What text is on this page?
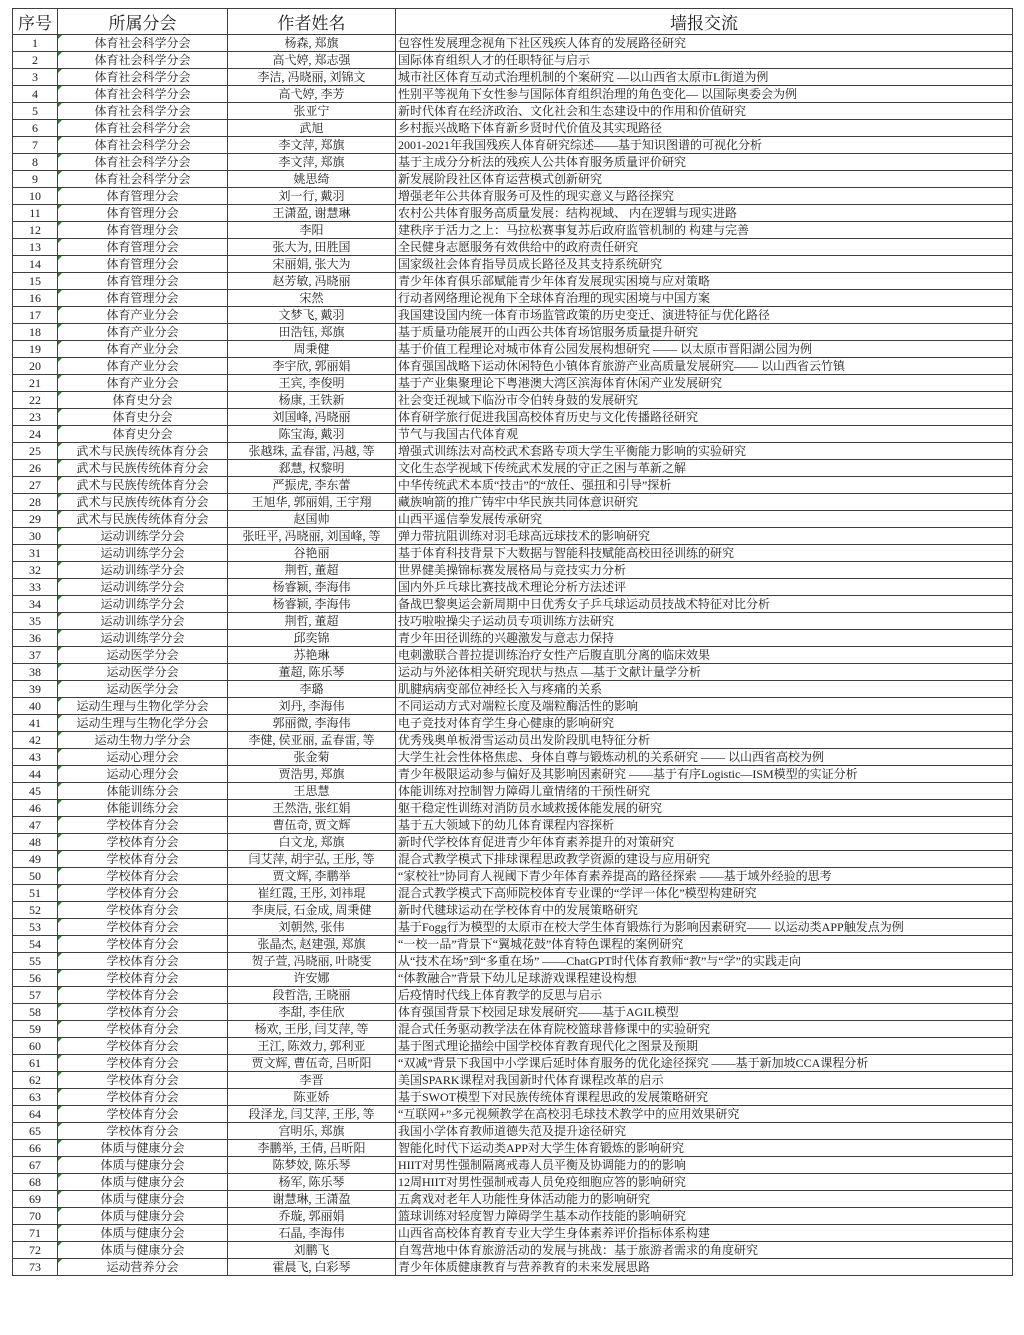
序号	所属分会	作者姓名	墙报交流
1	体育社会科学分会	杨森, 郑旗	包容性发展理念视角下社区残疾人体育的发展路径研究
2	体育社会科学分会	高弋婷, 郑志强	国际体育组织人才的任职特征与启示
3	体育社会科学分会	李洁, 冯晓丽, 刘锦文	城市社区体育互动式治理机制的个案研究 —以山西省太原市L街道为例
4	体育社会科学分会	高弋婷, 李芳	性别平等视角下女性参与国际体育组织治理的角色变化— 以国际奥委会为例
5	体育社会科学分会	张亚宁	新时代体育在经济政治、文化社会和生态建设中的作用和价值研究
6	体育社会科学分会	武旭	乡村振兴战略下体育新乡贤时代价值及其实现路径
7	体育社会科学分会	李文萍, 郑旗	2001-2021年我国残疾人体育研究综述——基于知识图谱的可视化分析
8	体育社会科学分会	李文萍, 郑旗	基于主成分分析法的残疾人公共体育服务质量评价研究
9	体育社会科学分会	姚思绮	新发展阶段社区体育运营模式创新研究
10	体育管理分会	刘一行, 戴羽	增强老年公共体育服务可及性的现实意义与路径探究
11	体育管理分会	王潇盈, 谢慧琳	农村公共体育服务高质量发展：结构视域、 内在逻辑与现实进路
12	体育管理分会	李阳	建秩序于活力之上：马拉松赛事复苏后政府监管机制的 构建与完善
13	体育管理分会	张大为, 田胜国	全民健身志愿服务有效供给中的政府责任研究
14	体育管理分会	宋丽娟, 张大为	国家级社会体育指导员成长路径及其支持系统研究
15	体育管理分会	赵芳敏, 冯晓丽	青少年体育俱乐部赋能青少年体育发展现实困境与应对策略
16	体育管理分会	宋然	行动者网络理论视角下全球体育治理的现实困境与中国方案
17	体育产业分会	文梦飞, 戴羽	我国建设国内统一体育市场监管政策的历史变迁、演进特征与优化路径
18	体育产业分会	田浩钰, 郑旗	基于质量功能展开的山西公共体育场馆服务质量提升研究
19	体育产业分会	周秉健	基于价值工程理论对城市体育公园发展构想研究 —— 以太原市晋阳湖公园为例
20	体育产业分会	李宇欣, 郭丽娟	体育强国战略下运动休闲特色小镇体育旅游产业高质量发展研究—— 以山西省云竹镇
21	体育产业分会	王宾, 李俊明	基于产业集聚理论下粤港澳大湾区滨海体育休闲产业发展研究
22	体育史分会	杨康, 王铁新	社会变迁视域下临汾市令伯转身鼓的发展研究
23	体育史分会	刘国峰, 冯晓丽	体育研学旅行促进我国高校体育历史与文化传播路径研究
24	体育史分会	陈宝海, 戴羽	节气与我国古代体育观
25	武术与民族传统体育分会	张越珠, 孟春雷, 冯越, 等	增强式训练法对高校武术套路专项大学生平衡能力影响的实验研究
26	武术与民族传统体育分会	郄慧, 权黎明	文化生态学视域下传统武术发展的守正之困与革新之解
27	武术与民族传统体育分会	严振虎, 李东蕾	中华传统武术本质“技击”的“放任、强扭和引导”探析
28	武术与民族传统体育分会	王旭华, 郭丽娟, 王宇翔	藏族响箭的推广铸牢中华民族共同体意识研究
29	武术与民族传统体育分会	赵国帅	山西平遥信拳发展传承研究
30	运动训练学分会	张旺平, 冯晓丽, 刘国峰, 等	弹力带抗阻训练对羽毛球高远球技术的影响研究
31	运动训练学分会	谷艳丽	基于体育科技背景下大数据与智能科技赋能高校田径训练的研究
32	运动训练学分会	荆哲, 董超	世界健美操锦标赛发展格局与竞技实力分析
33	运动训练学分会	杨睿颖, 李海伟	国内外乒乓球比赛技战术理论分析方法述评
34	运动训练学分会	杨睿颖, 李海伟	备战巴黎奥运会新周期中日优秀女子乒乓球运动员技战术特征对比分析
35	运动训练学分会	荆哲, 董超	技巧啦啦操尖子运动员专项训练方法研究
36	运动训练学分会	邱奕锦	青少年田径训练的兴趣激发与意志力保持
37	运动医学分会	苏艳琳	电刺激联合普拉提训练治疗女性产后腹直肌分离的临床效果
38	运动医学分会	董超, 陈乐琴	运动与外泌体相关研究现状与热点 —基于文献计量学分析
39	运动医学分会	李璐	肌腱病病变部位神经长入与疼痛的关系
40	运动生理与生物化学分会	刘丹, 李海伟	不同运动方式对端粒长度及端粒酶活性的影响
41	运动生理与生物化学分会	郭丽微, 李海伟	电子竞技对体育学生身心健康的影响研究
42	运动生物力学分会	李健, 侯亚丽, 孟春雷, 等	优秀残奥单板滑雪运动员出发阶段肌电特征分析
43	运动心理分会	张金菊	大学生社会性体格焦虑、身体自尊与锻炼动机的关系研究 —— 以山西省高校为例
44	运动心理分会	贾浩男, 郑旗	青少年极限运动参与偏好及其影响因素研究 ——基于有序Logistic—ISM模型的实证分析
45	体能训练分会	王思慧	体能训练对控制智力障碍儿童情绪的干预性研究
46	体能训练分会	王然浩, 张红娟	躯干稳定性训练对消防员水域救援体能发展的研究
47	学校体育分会	曹伍奇, 贾文辉	基于五大领域下的幼儿体育课程内容探析
48	学校体育分会	白文龙, 郑旗	新时代学校体育促进青少年体育素养提升的对策研究
49	学校体育分会	闫艾萍, 胡宇弘, 王彤, 等	混合式教学模式下排球课程思政教学资源的建设与应用研究
50	学校体育分会	贾文辉, 李鹏举	“家校社”协同育人视阈下青少年体育素养提高的路径探索 ——基于域外经验的思考
51	学校体育分会	崔红霞, 王彤, 刘祎琨	混合式教学模式下高师院校体育专业课的“学评一体化”模型构建研究
52	学校体育分会	李庚辰, 石金成, 周秉健	新时代毽球运动在学校体育中的发展策略研究
53	学校体育分会	刘朝然, 张伟	基于Fogg行为模型的太原市在校大学生体育锻炼行为影响因素研究—— 以运动类APP触发点为例
54	学校体育分会	张晶杰, 赵建强, 郑旗	“一校一品”背景下“翼城花鼓”体育特色课程的案例研究
55	学校体育分会	贺子萱, 冯晓丽, 叶晓雯	从“技术在场”到“多重在场” ——ChatGPT时代体育教师“教”与“学”的实践走向
56	学校体育分会	许安娜	“体教融合”背景下幼儿足球游戏课程建设构想
57	学校体育分会	段哲浩, 王晓丽	后疫情时代线上体育教学的反思与启示
58	学校体育分会	李甜, 李佳欣	体育强国背景下校园足球发展研究——基于AGIL模型
59	学校体育分会	杨欢, 王彤, 闫艾萍, 等	混合式任务驱动教学法在体育院校篮球普修课中的实验研究
60	学校体育分会	王江, 陈效力, 郭利亚	基于图式理论描绘中国学校体育教育现代化之图景及预期
61	学校体育分会	贾文辉, 曹伍奇, 吕昕阳	“双减”背景下我国中小学课后延时体育服务的优化途径探究 ——基于新加坡CCA课程分析
62	学校体育分会	李晋	美国SPARK课程对我国新时代体育课程改革的启示
63	学校体育分会	陈亚娇	基于SWOT模型下对民族传统体育课程思政的发展策略研究
64	学校体育分会	段泽龙, 闫艾萍, 王彤, 等	“互联网+”多元视频教学在高校羽毛球技术教学中的应用效果研究
65	学校体育分会	宫明乐, 郑旗	我国小学体育教师道德失范及提升途径研究
66	体质与健康分会	李鹏举, 王倩, 吕昕阳	智能化时代下运动类APP对大学生体育锻炼的影响研究
67	体质与健康分会	陈梦姣, 陈乐琴	HIIT对男性强制隔离戒毒人员平衡及协调能力的的影响
68	体质与健康分会	杨军, 陈乐琴	12周HIIT对男性强制戒毒人员免疫细胞应答的影响研究
69	体质与健康分会	谢慧琳, 王潇盈	五禽戏对老年人功能性身体活动能力的影响研究
70	体质与健康分会	乔璇, 郭丽娟	篮球训练对轻度智力障碍学生基本动作技能的影响研究
71	体质与健康分会	石晶, 李海伟	山西省高校体育教育专业大学生身体素养评价指标体系构建
72	体质与健康分会	刘鹏飞	自驾营地中体育旅游活动的发展与挑战：基于旅游者需求的角度研究
73	运动营养分会	霍晨飞, 白彩琴	青少年体质健康教育与营养教育的未来发展思路
